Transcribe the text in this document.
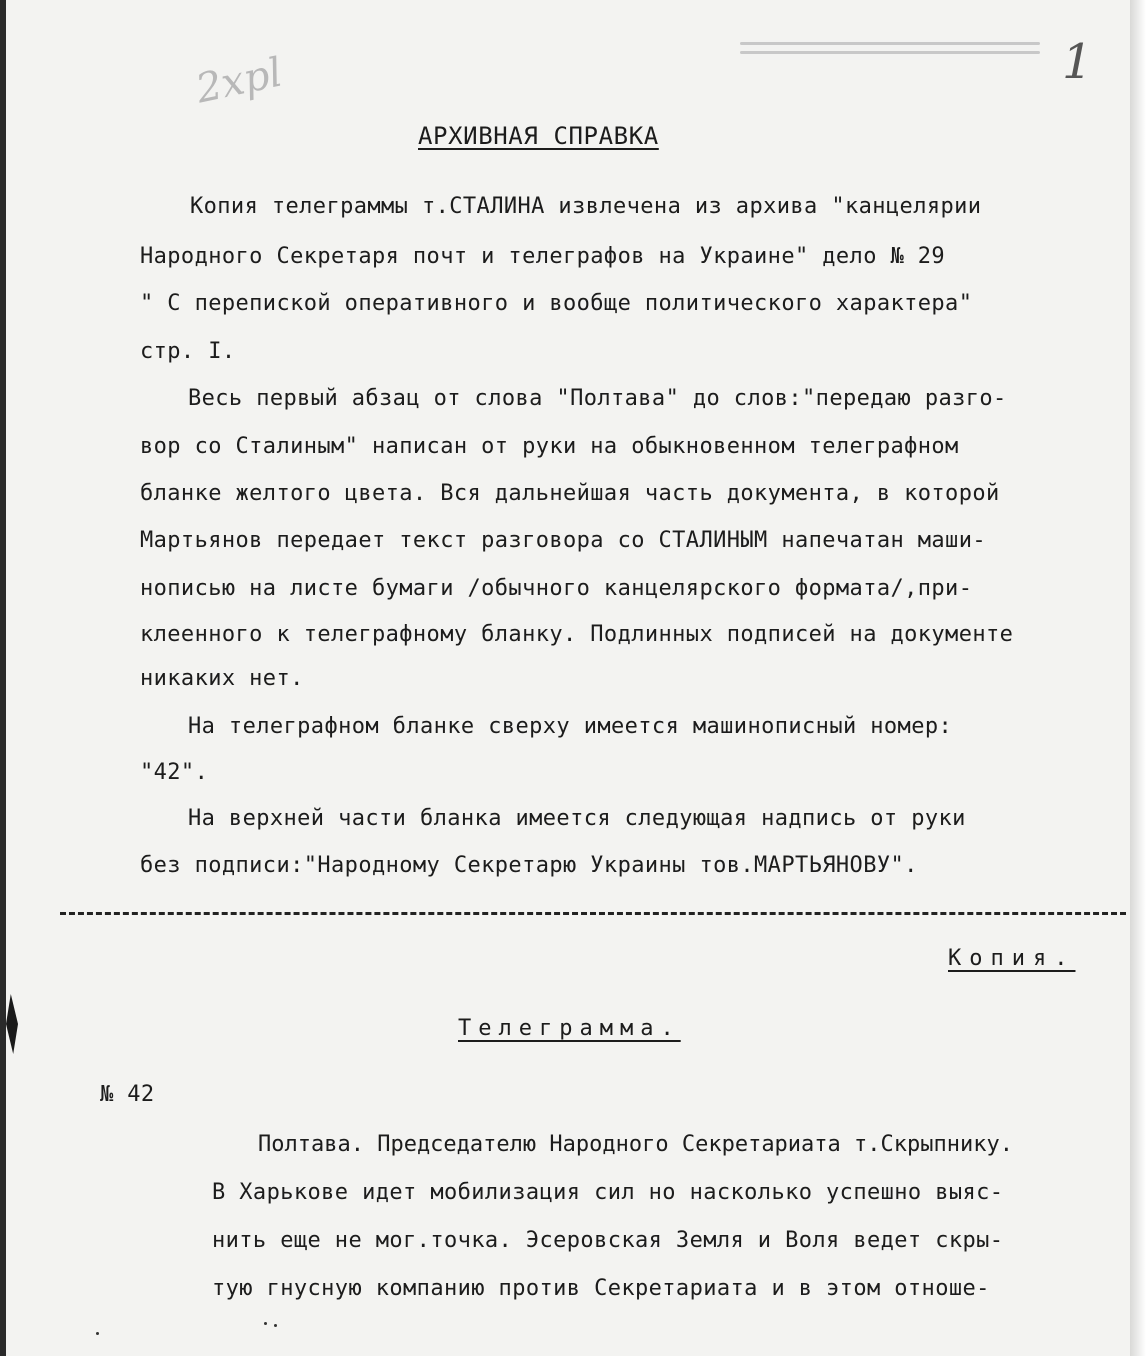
2хрl	1
АРХИВНАЯ СПРАВКА
Копия телеграммы т.СТАЛИНА извлечена из архива "канцелярии
Народного Секретаря почт и телеграфов на Украине" дело № 29
" С перепиской оперативного и вообще политического характера"
стр. I.
Весь первый абзац от слова "Полтава" до слов:"передаю разго-
вор со Сталиным" написан от руки на обыкновенном телеграфном
бланке желтого цвета. Вся дальнейшая часть документа, в которой
Мартьянов передает текст разговора со СТАЛИНЫМ напечатан маши-
нописью на листе бумаги /обычного канцелярского формата/,при-
клеенного к телеграфному бланку. Подлинных подписей на документе
никаких нет.
На телеграфном бланке сверху имеется машинописный номер:
"42".
На верхней части бланка имеется следующая надпись от руки
без подписи:"Народному Секретарю Украины тов.МАРТЬЯНОВУ".
Копия.
Телеграмма.
№ 42
Полтава. Председателю Народного Секретариата т.Скрыпнику.
В Харькове идет мобилизация сил но насколько успешно выяс-
нить еще не мог.точка. Эсеровская Земля и Воля ведет скры-
тую гнусную компанию против Секретариата и в этом отноше-
